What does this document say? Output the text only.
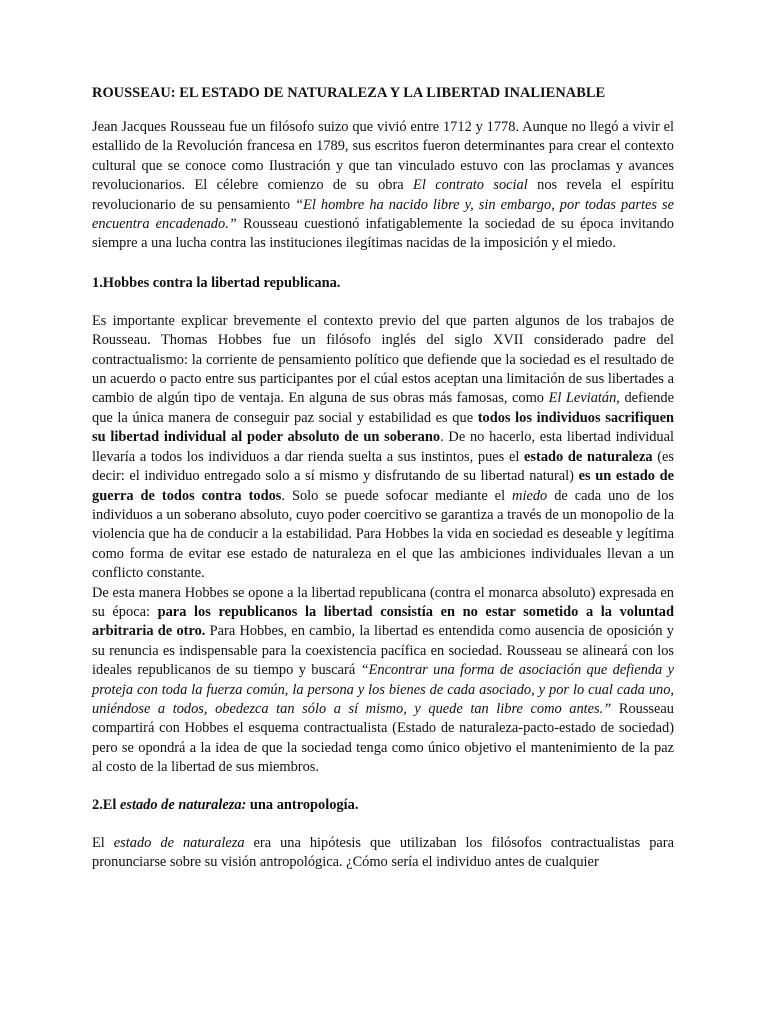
ROUSSEAU: EL ESTADO DE NATURALEZA Y LA LIBERTAD INALIENABLE

Jean Jacques Rousseau fue un filósofo suizo que vivió entre 1712 y 1778. Aunque no llegó a vivir el estallido de la Revolución francesa en 1789, sus escritos fueron determinantes para crear el contexto cultural que se conoce como Ilustración y que tan vinculado estuvo con las proclamas y avances revolucionarios. El célebre comienzo de su obra El contrato social nos revela el espíritu revolucionario de su pensamiento “El hombre ha nacido libre y, sin embargo, por todas partes se encuentra encadenado.” Rousseau cuestionó infatigablemente la sociedad de su época invitando siempre a una lucha contra las instituciones ilegítimas nacidas de la imposición y el miedo.

1.Hobbes contra la libertad republicana.

Es importante explicar brevemente el contexto previo del que parten algunos de los trabajos de Rousseau. Thomas Hobbes fue un filósofo inglés del siglo XVII considerado padre del contractualismo: la corriente de pensamiento político que defiende que la sociedad es el resultado de un acuerdo o pacto entre sus participantes por el cúal estos aceptan una limitación de sus libertades a cambio de algún tipo de ventaja. En alguna de sus obras más famosas, como El Leviatán, defiende que la única manera de conseguir paz social y estabilidad es que todos los individuos sacrifiquen su libertad individual al poder absoluto de un soberano. De no hacerlo, esta libertad individual llevaría a todos los individuos a dar rienda suelta a sus instintos, pues el estado de naturaleza (es decir: el individuo entregado solo a sí mismo y disfrutando de su libertad natural) es un estado de guerra de todos contra todos. Solo se puede sofocar mediante el miedo de cada uno de los individuos a un soberano absoluto, cuyo poder coercitivo se garantiza a través de un monopolio de la violencia que ha de conducir a la estabilidad. Para Hobbes la vida en sociedad es deseable y legítima como forma de evitar ese estado de naturaleza en el que las ambiciones individuales llevan a un conflicto constante.

De esta manera Hobbes se opone a la libertad republicana (contra el monarca absoluto) expresada en su época: para los republicanos la libertad consistía en no estar sometido a la voluntad arbitraria de otro. Para Hobbes, en cambio, la libertad es entendida como ausencia de oposición y su renuncia es indispensable para la coexistencia pacífica en sociedad. Rousseau se alineará con los ideales republicanos de su tiempo y buscará “Encontrar una forma de asociación que defienda y proteja con toda la fuerza común, la persona y los bienes de cada asociado, y por lo cual cada uno, uniéndose a todos, obedezca tan sólo a sí mismo, y quede tan libre como antes.” Rousseau compartirá con Hobbes el esquema contractualista (Estado de naturaleza-pacto-estado de sociedad) pero se opondrá a la idea de que la sociedad tenga como único objetivo el mantenimiento de la paz al costo de la libertad de sus miembros.

2.El estado de naturaleza: una antropología.

El estado de naturaleza era una hipótesis que utilizaban los filósofos contractualistas para pronunciarse sobre su visión antropológica. ¿Cómo sería el individuo antes de cualquier
